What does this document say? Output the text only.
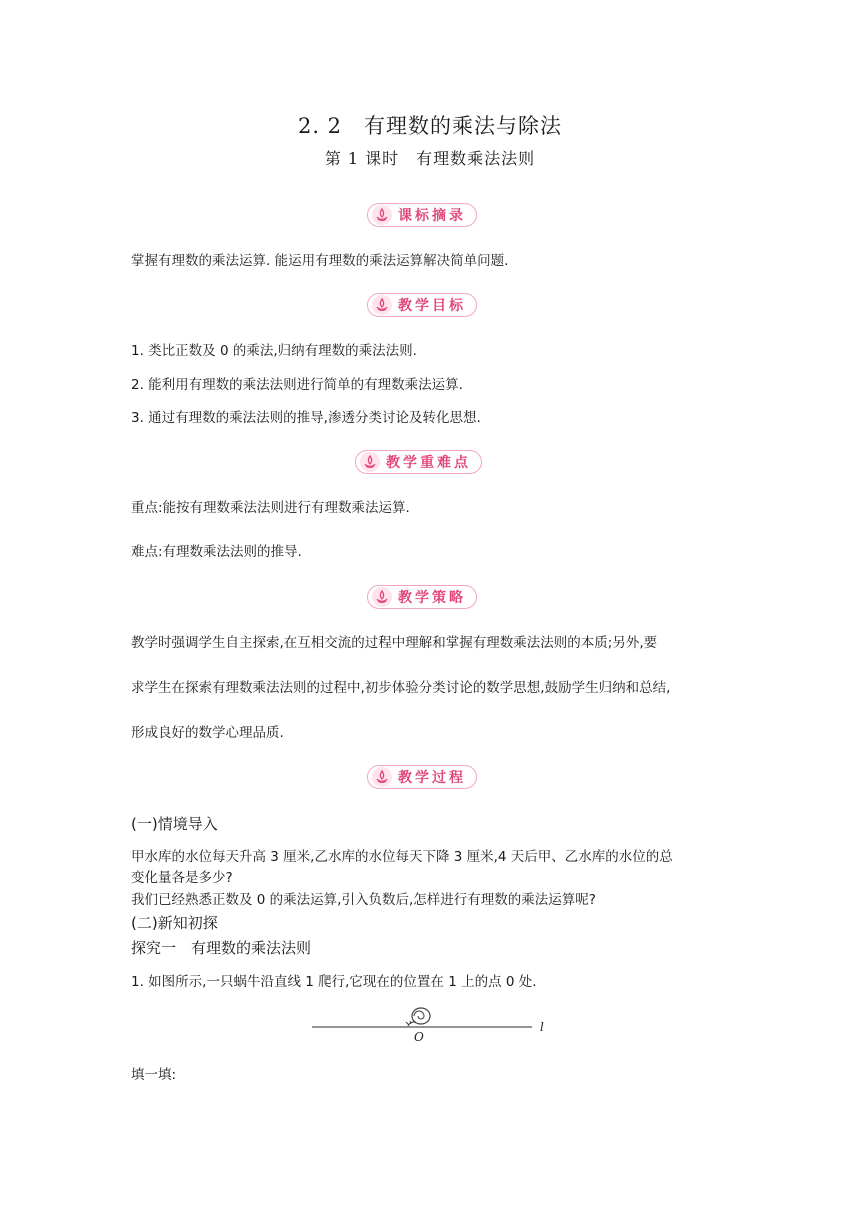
2. 2　有理数的乘法与除法
第 1 课时　有理数乘法法则
课标摘录
掌握有理数的乘法运算. 能运用有理数的乘法运算解决简单问题.
教学目标
1. 类比正数及 0 的乘法,归纳有理数的乘法法则.
2. 能利用有理数的乘法法则进行简单的有理数乘法运算.
3. 通过有理数的乘法法则的推导,渗透分类讨论及转化思想.
教学重难点
重点:能按有理数乘法法则进行有理数乘法运算.
难点:有理数乘法法则的推导.
教学策略
教学时强调学生自主探索,在互相交流的过程中理解和掌握有理数乘法法则的本质;另外,要
求学生在探索有理数乘法法则的过程中,初步体验分类讨论的数学思想,鼓励学生归纳和总结,
形成良好的数学心理品质.
教学过程
(一)情境导入
甲水库的水位每天升高 3 厘米,乙水库的水位每天下降 3 厘米,4 天后甲、乙水库的水位的总
变化量各是多少?
我们已经熟悉正数及 0 的乘法运算,引入负数后,怎样进行有理数的乘法运算呢?
(二)新知初探
探究一　有理数的乘法法则
1. 如图所示,一只蜗牛沿直线 1 爬行,它现在的位置在 1 上的点 0 处.
O
l
填一填:
